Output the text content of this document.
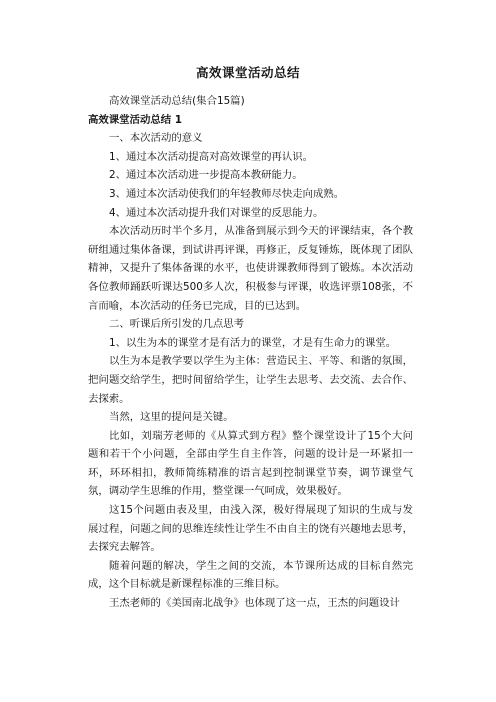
高效课堂活动总结

高效课堂活动总结(集合15篇)

高效课堂活动总结 1

一、本次活动的意义

1、通过本次活动提高对高效课堂的再认识。

2、通过本次活动进一步提高本教研能力。

3、通过本次活动使我们的年轻教师尽快走向成熟。

4、通过本次活动提升我们对课堂的反思能力。

本次活动历时半个多月，从准备到展示到今天的评课结束，各个教研组通过集体备课，到试讲再评课，再修正，反复锤炼，既体现了团队精神，又提升了集体备课的水平，也使讲课教师得到了锻炼。本次活动各位教师踊跃听课达500多人次，积极参与评课，收选评票108张，不言而喻，本次活动的任务已完成，目的已达到。

二、听课后所引发的几点思考

1、以生为本的课堂才是有活力的课堂，才是有生命力的课堂。

以生为本是教学要以学生为主体：营造民主、平等、和谐的氛围，把问题交给学生，把时间留给学生，让学生去思考、去交流、去合作、去探索。

当然，这里的提问是关键。

比如，刘瑞芳老师的《从算式到方程》整个课堂设计了15个大问题和若干个小问题，全部由学生自主作答，问题的设计是一环紧扣一环，环环相扣，教师简练精准的语言起到控制课堂节奏，调节课堂气氛，调动学生思维的作用，整堂课一气呵成，效果极好。

这15个问题由表及里，由浅入深，极好得展现了知识的生成与发展过程，问题之间的思维连续性让学生不由自主的饶有兴趣地去思考，去探究去解答。

随着问题的解决，学生之间的交流，本节课所达成的目标自然完成，这个目标就是新课程标准的三维目标。

王杰老师的《美国南北战争》也体现了这一点，王杰的问题设计
